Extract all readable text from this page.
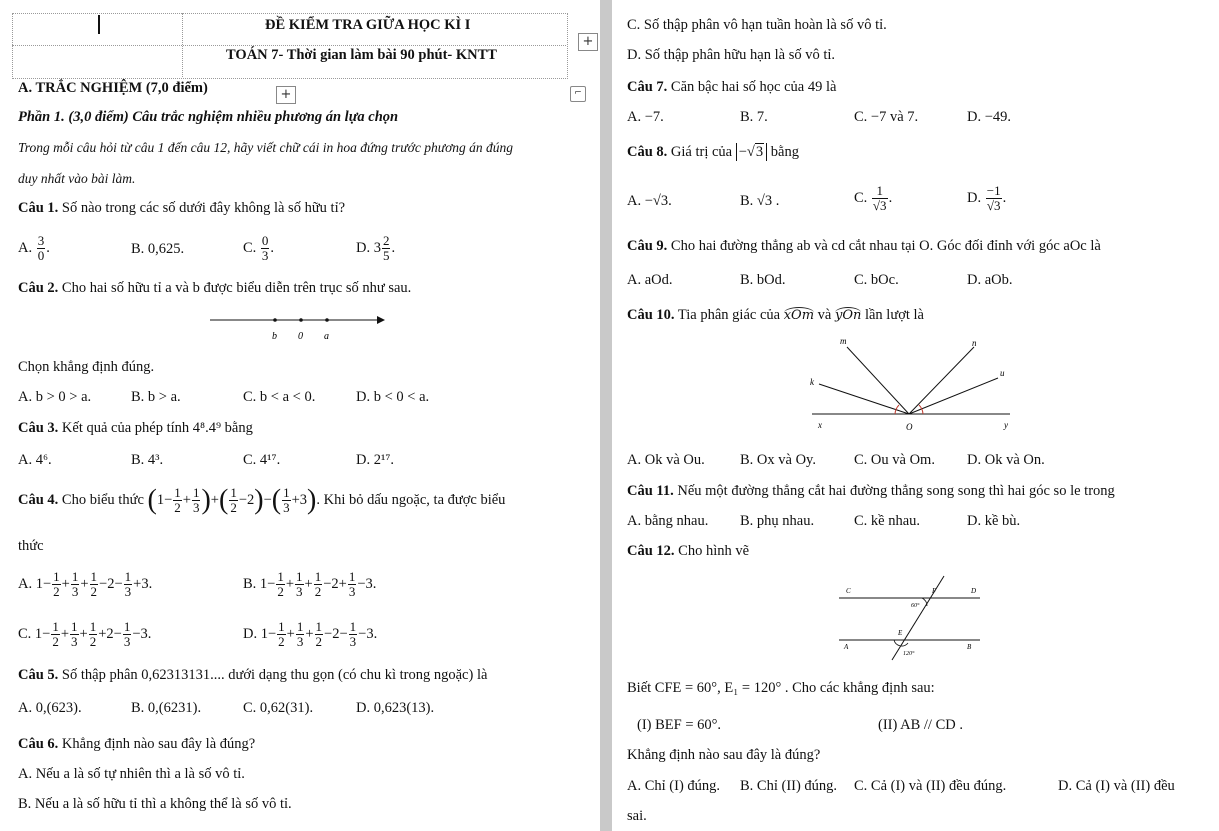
ĐỀ KIỂM TRA GIỮA HỌC KÌ I
TOÁN 7- Thời gian làm bài 90 phút- KNTT
+
+	⌐
A. TRẮC NGHIỆM (7,0 điểm)
Phần 1. (3,0 điểm) Câu trắc nghiệm nhiều phương án lựa chọn
Trong mỗi câu hỏi từ câu 1 đến câu 12, hãy viết chữ cái in hoa đứng trước phương án đúng
duy nhất vào bài làm.
Câu 1. Số nào trong các số dưới đây không là số hữu tỉ?
A. $\frac{3}{0}$ .	B. 0,625.	C. $\frac{0}{3}$ .	D. $3 \frac{2}{5}$ .
Câu 2. Cho hai số hữu tỉ a và b được biểu diễn trên trục số như sau.
b 0 a
Chọn khẳng định đúng.
A. b > 0 > a.	B. b > a.	C. b < a < 0.	D. b < 0 < a.
Câu 3. Kết quả của phép tính 4⁸.4⁹ bằng
A. 4⁶.	B. 4³.	C. 4¹⁷.	D. 2¹⁷.
Câu 4. Cho biểu thức ($1- \frac{1}{2} + \frac{1}{3}$ )+( $\frac{1}{2} -2)-( \frac{1}{3} +3)$. Khi bỏ dấu ngoặc, ta được biểu
thức
A. $1- \frac{1}{2} + \frac{1}{3} + \frac{1}{2} -2- \frac{1}{3} +3$.	B. $1- \frac{1}{2} + \frac{1}{3} + \frac{1}{2} -2+ \frac{1}{3} -3$.
C. $1- \frac{1}{2} + \frac{1}{3} + \frac{1}{2} +2- \frac{1}{3} -3$.	D. $1- \frac{1}{2} + \frac{1}{3} + \frac{1}{2} -2- \frac{1}{3} -3$.
Câu 5. Số thập phân 0,62313131.... dưới dạng thu gọn (có chu kì trong ngoặc) là
A. 0,(623).	B. 0,(6231).	C. 0,62(31).	D. 0,623(13).
Câu 6. Khẳng định nào sau đây là đúng?
A. Nếu a là số tự nhiên thì a là số vô tỉ.
B. Nếu a là số hữu tỉ thì a không thể là số vô tỉ.
C. Số thập phân vô hạn tuần hoàn là số vô tỉ.
D. Số thập phân hữu hạn là số vô tỉ.
Câu 7. Căn bậc hai số học của 49 là
A. −7.	B. 7.	C. −7 và 7.	D. −49.
Câu 8. Giá trị của −√3 bằng
A. −√3.	B. √3 .	C. $\frac{1}{√3}$ .	D. $\frac{-1}{√3}$ .
Câu 9. Cho hai đường thẳng ab và cd cắt nhau tại O. Góc đối đỉnh với góc aOc là
A. aOd.	B. bOd.	C. bOc.	D. aOb.
Câu 10. Tia phân giác của xOm và yOn lần lượt là
m	n
k
u
x	y
O
A. Ok và Ou. B. Ox và Oy.	C. Ou và Om. D. Ok và On.
Câu 11. Nếu một đường thẳng cắt hai đường thẳng song song thì hai góc so le trong
A. bằng nhau. B. phụ nhau.	C. kề nhau.	D. kề bù.
Câu 12. Cho hình vẽ
C	F	D
A
E
B
60°
120°
Biết CFE = 60°, E₁ = 120° . Cho các khẳng định sau:
(I) BEF = 60°.	(II) AB // CD .
Khẳng định nào sau đây là đúng?
A. Chỉ (I) đúng. B. Chỉ (II) đúng. C. Cả (I) và (II) đều đúng.	D. Cả (I) và (II) đều
sai.
